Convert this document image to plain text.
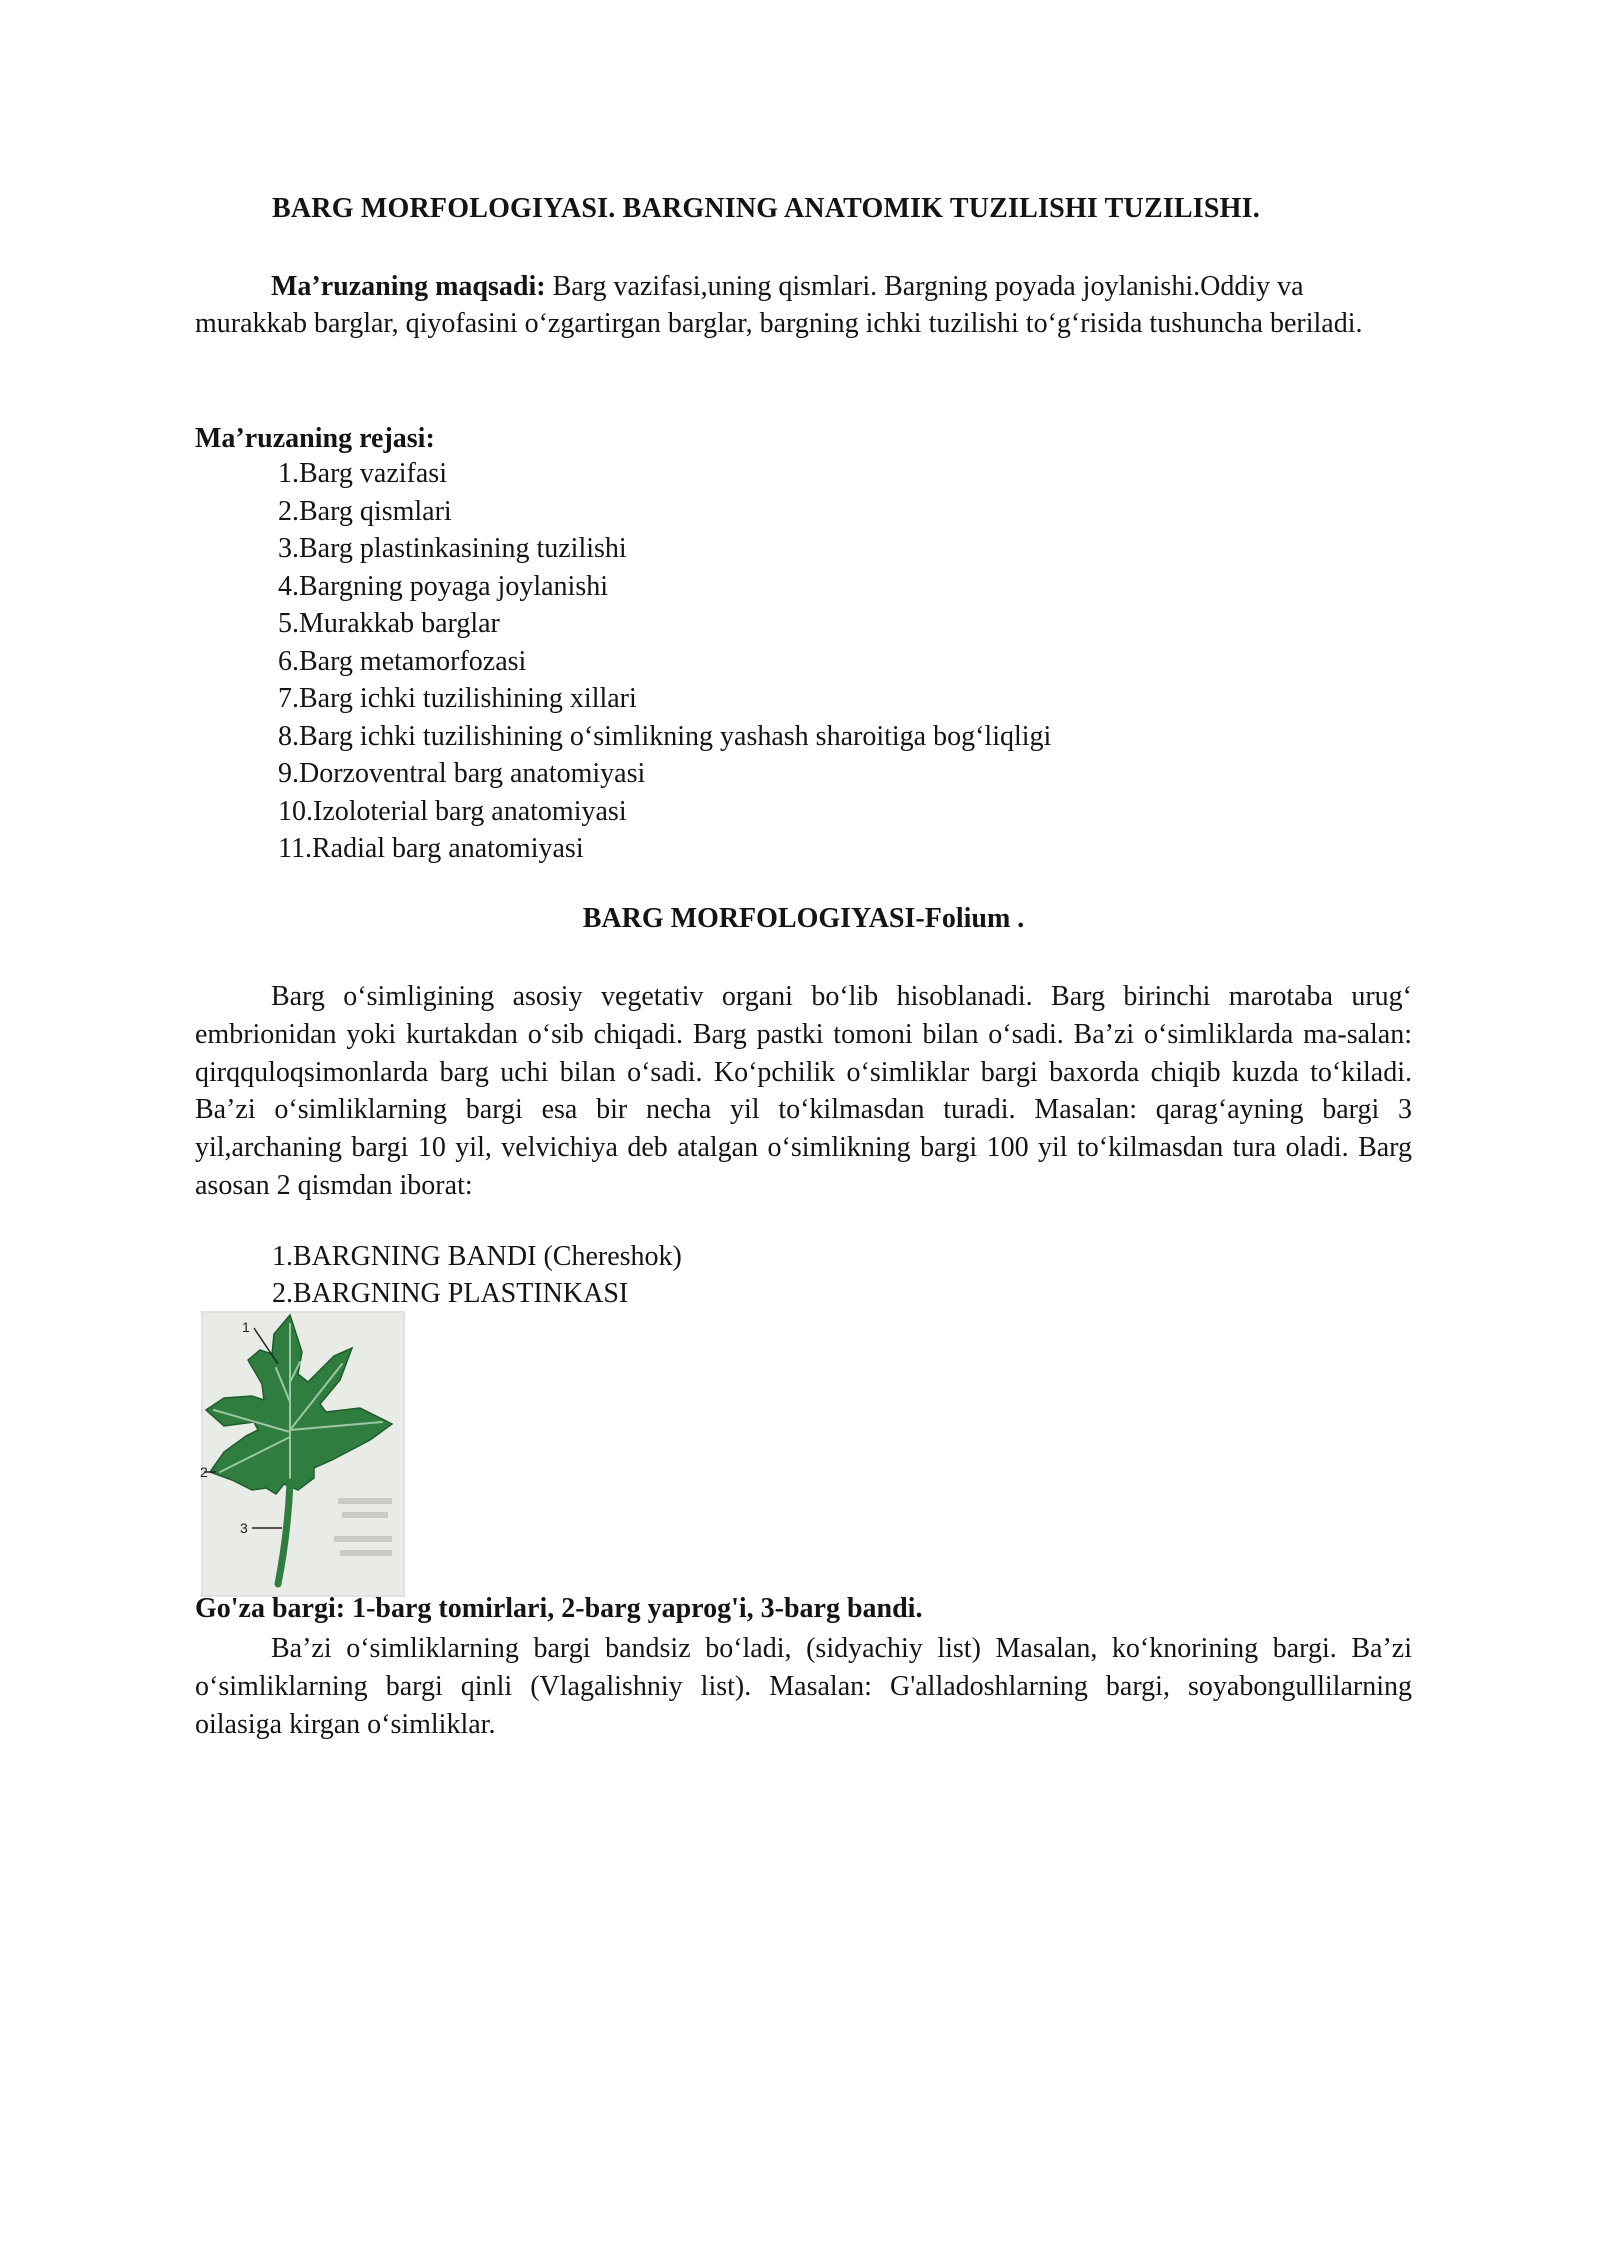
BARG MORFOLOGIYASI. BARGNING ANATOMIK TUZILISHI TUZILISHI.

Ma’ruzaning maqsadi: Barg vazifasi,uning qismlari. Bargning poyada joylanishi.Oddiy va murakkab barglar, qiyofasini o‘zgartirgan barglar, bargning ichki tuzilishi to‘g‘risida tushuncha beriladi.

Ma’ruzaning rejasi:

1.Barg vazifasi
2.Barg qismlari
3.Barg plastinkasining tuzilishi
4.Bargning poyaga joylanishi
5.Murakkab barglar
6.Barg metamorfozasi
7.Barg ichki tuzilishining xillari
8.Barg ichki tuzilishining o‘simlikning yashash sharoitiga bog‘liqligi
9.Dorzoventral barg anatomiyasi
10.Izoloterial barg anatomiyasi
11.Radial barg anatomiyasi
BARG MORFOLOGIYASI-Folium .

Barg o‘simligining asosiy vegetativ organi bo‘lib hisoblanadi. Barg birinchi marotaba urug‘ embrionidan yoki kurtakdan o‘sib chiqadi. Barg pastki tomoni bilan o‘sadi. Ba’zi o‘simliklarda ma-salan: qirqquloqsimonlarda barg uchi bilan o‘sadi. Ko‘pchilik o‘simliklar bargi baxorda chiqib kuzda to‘kiladi. Ba’zi o‘simliklarning bargi esa bir necha yil to‘kilmasdan turadi. Masalan: qarag‘ayning bargi 3 yil,archaning bargi 10 yil, velvichiya deb atalgan o‘simlikning bargi 100 yil to‘kilmasdan tura oladi. Barg asosan 2 qismdan iborat:

1.BARGNING BANDI (Chereshok)
2.BARGNING PLASTINKASI
1
2
3

Go'za bargi: 1-barg tomirlari, 2-barg yaprog'i, 3-barg bandi.

Ba’zi o‘simliklarning bargi bandsiz bo‘ladi, (sidyachiy list) Masalan, ko‘knorining bargi. Ba’zi o‘simliklarning bargi qinli (Vlagalishniy list). Masalan: G'alladoshlarning bargi, soyabongullilarning oilasiga kirgan o‘simliklar.
